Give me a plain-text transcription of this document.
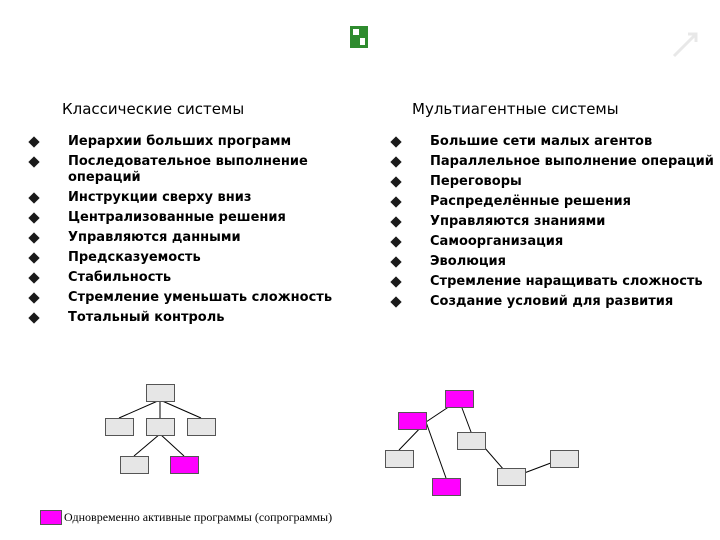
Классические системы	Мультиагентные системы
Иерархии больших программ
Последовательное выполнение операций
Инструкции сверху вниз
Централизованные решения
Управляются данными
Предсказуемость
Стабильность
Стремление уменьшать сложность
Тотальный контроль
Большие сети малых агентов
Параллельное выполнение операций
Переговоры
Распределённые решения
Управляются знаниями
Самоорганизация
Эволюция
Стремление наращивать сложность
Создание условий для развития
Одновременно активные программы (сопрограммы)
